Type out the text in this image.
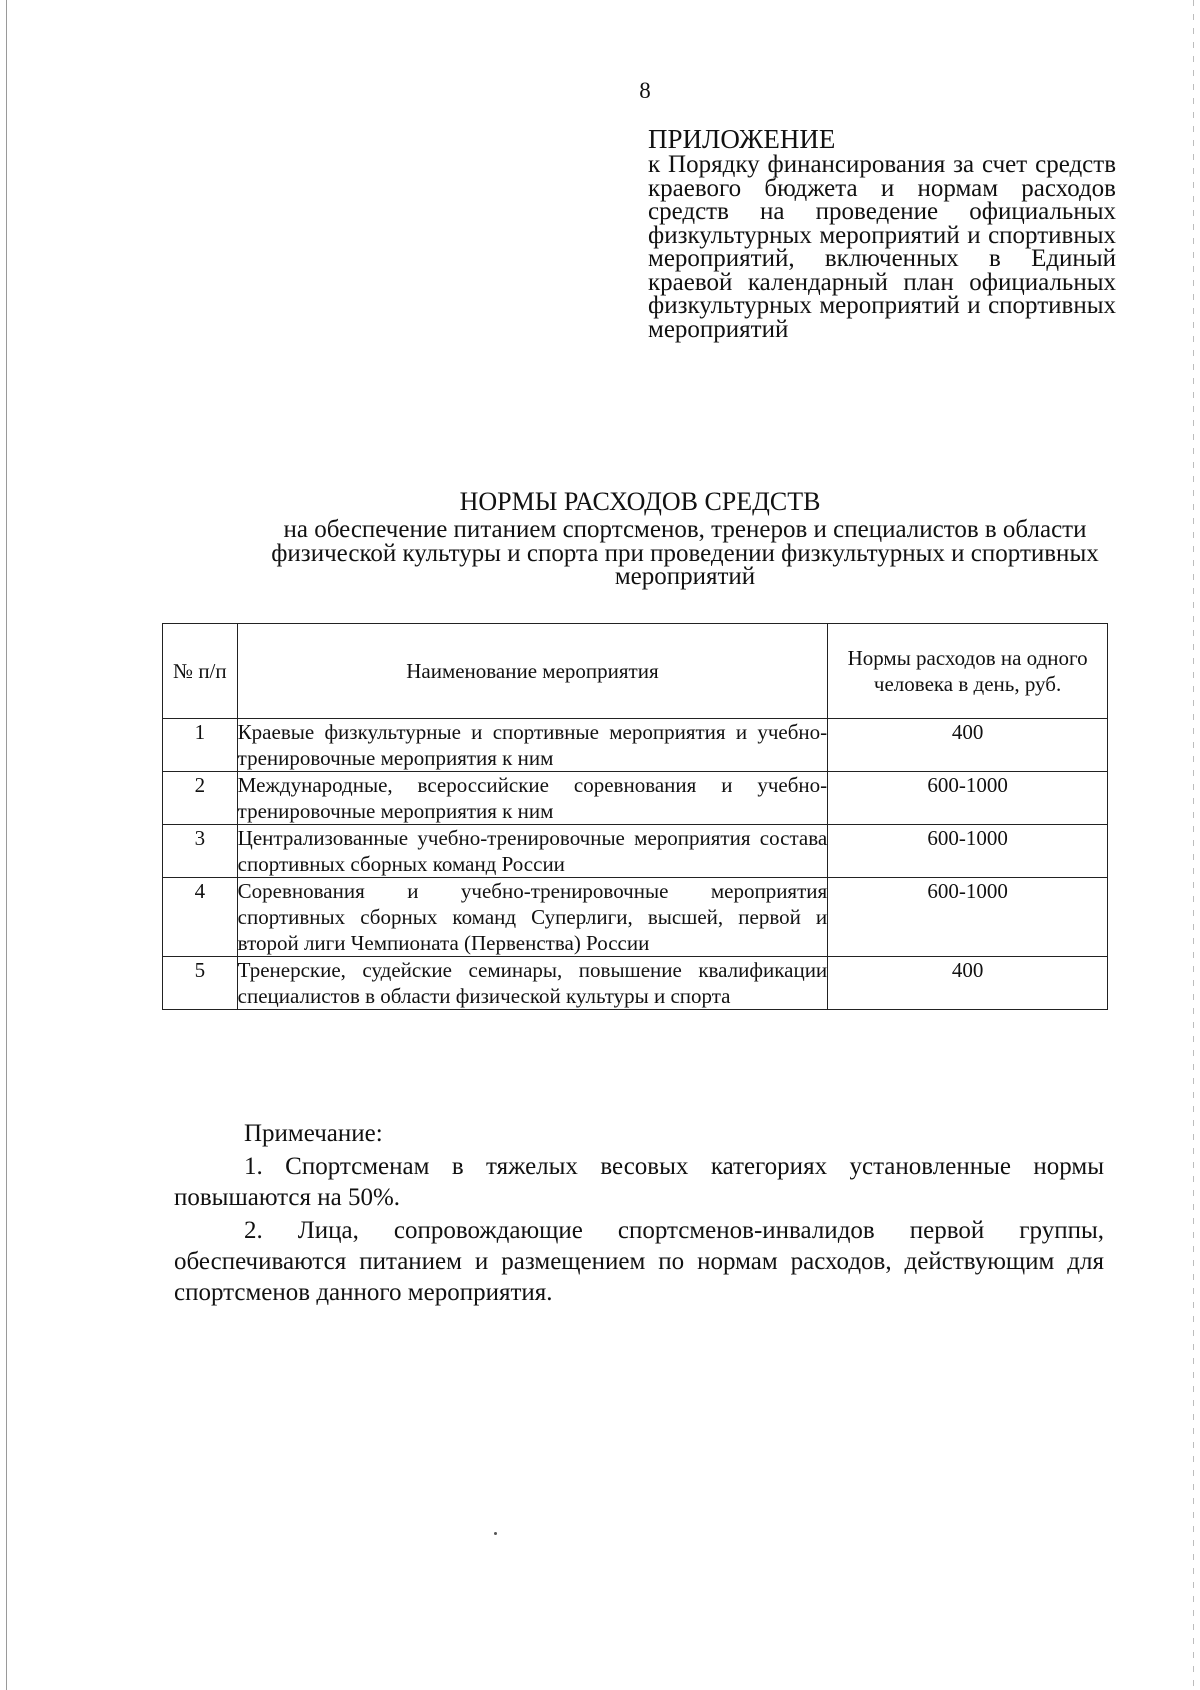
8
ПРИЛОЖЕНИЕ
к Порядку финансирования за счет средств краевого бюджета и нормам расходов средств на проведение официальных физкультурных мероприятий и спортивных мероприятий, включенных в Единый краевой календарный план официальных физкультурных мероприятий и спортивных мероприятий
НОРМЫ РАСХОДОВ СРЕДСТВ
на обеспечение питанием спортсменов, тренеров и специалистов в области физической культуры и спорта при проведении физкультурных и спортивных мероприятий
№ п/п	Наименование мероприятия	Нормы расходов на одного человека в день, руб.
1	Краевые физкультурные и спортивные мероприятия и учебно-тренировочные мероприятия к ним	400
2	Международные, всероссийские соревнования и учебно-тренировочные мероприятия к ним	600-1000
3	Централизованные учебно-тренировочные мероприятия состава спортивных сборных команд России	600-1000
4	Соревнования и учебно-тренировочные мероприятия спортивных сборных команд Суперлиги, высшей, первой и второй лиги Чемпионата (Первенства) России	600-1000
5	Тренерские, судейские семинары, повышение квалификации специалистов в области физической культуры и спорта	400

Примечание:

1. Спортсменам в тяжелых весовых категориях установленные нормы повышаются на 50%.

2. Лица, сопровождающие спортсменов-инвалидов первой группы, обеспечиваются питанием и размещением по нормам расходов, действующим для спортсменов данного мероприятия.
